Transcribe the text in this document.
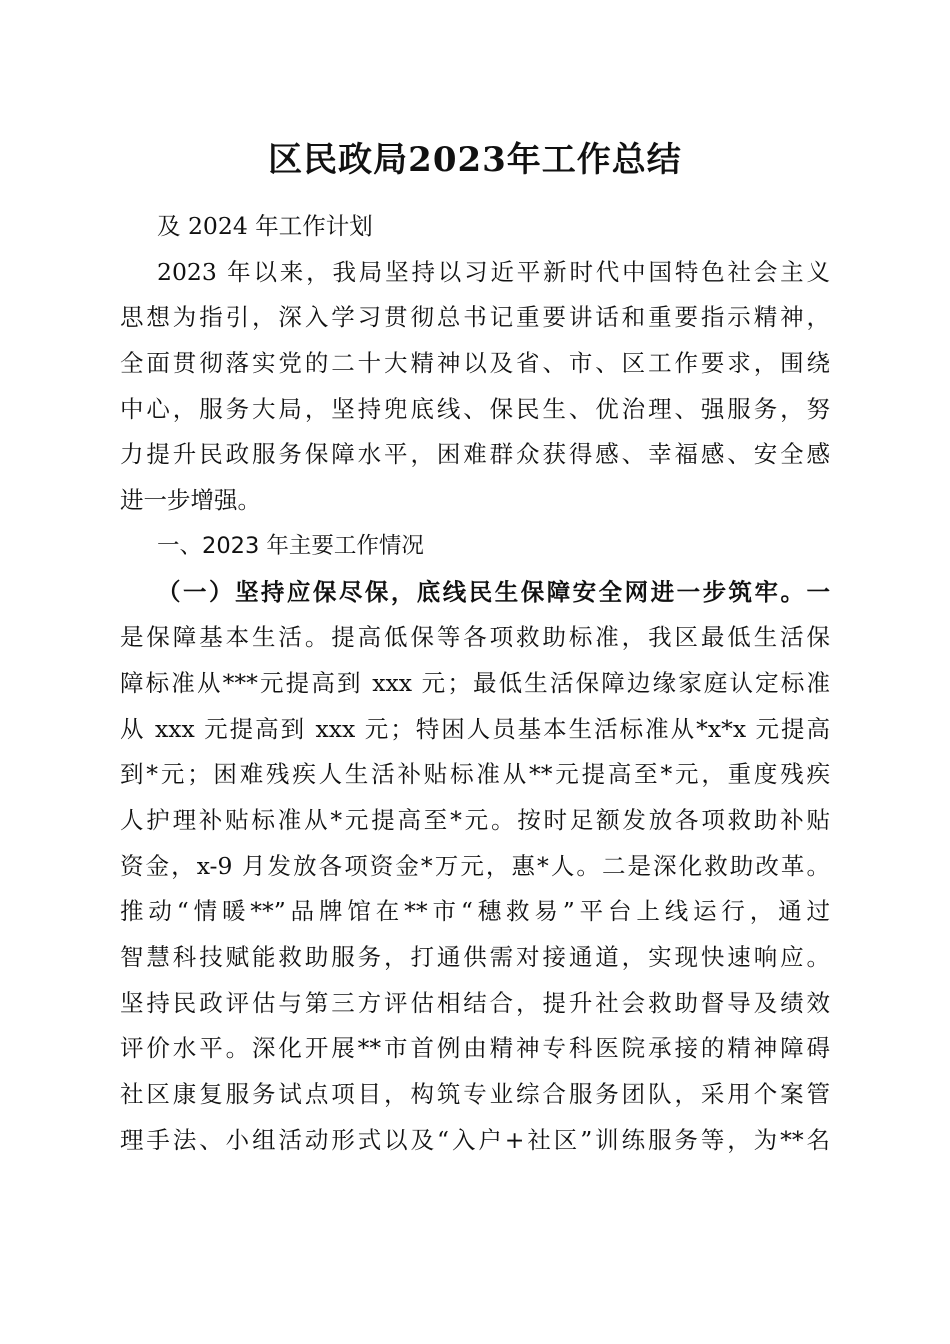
区民政局2023年工作总结
及 2024 年工作计划
2023 年以来，我局坚持以习近平新时代中国特色社会主义
思想为指引，深入学习贯彻总书记重要讲话和重要指示精神，
全面贯彻落实党的二十大精神以及省、市、区工作要求，围绕
中心，服务大局，坚持兜底线、保民生、优治理、强服务，努
力提升民政服务保障水平，困难群众获得感、幸福感、安全感
进一步增强。
一、2023 年主要工作情况
（一）坚持应保尽保，底线民生保障安全网进一步筑牢。一
是保障基本生活。提高低保等各项救助标准，我区最低生活保
障标准从***元提高到 xxx 元；最低生活保障边缘家庭认定标准
从 xxx 元提高到 xxx 元；特困人员基本生活标准从*x*x 元提高
到*元；困难残疾人生活补贴标准从**元提高至*元，重度残疾
人护理补贴标准从*元提高至*元。按时足额发放各项救助补贴
资金，x-9 月发放各项资金*万元，惠*人。二是深化救助改革。
推动“情暖**”品牌馆在**市“穗救易”平台上线运行，通过
智慧科技赋能救助服务，打通供需对接通道，实现快速响应。
坚持民政评估与第三方评估相结合，提升社会救助督导及绩效
评价水平。深化开展**市首例由精神专科医院承接的精神障碍
社区康复服务试点项目，构筑专业综合服务团队，采用个案管
理手法、小组活动形式以及“入户+社区”训练服务等，为**名
